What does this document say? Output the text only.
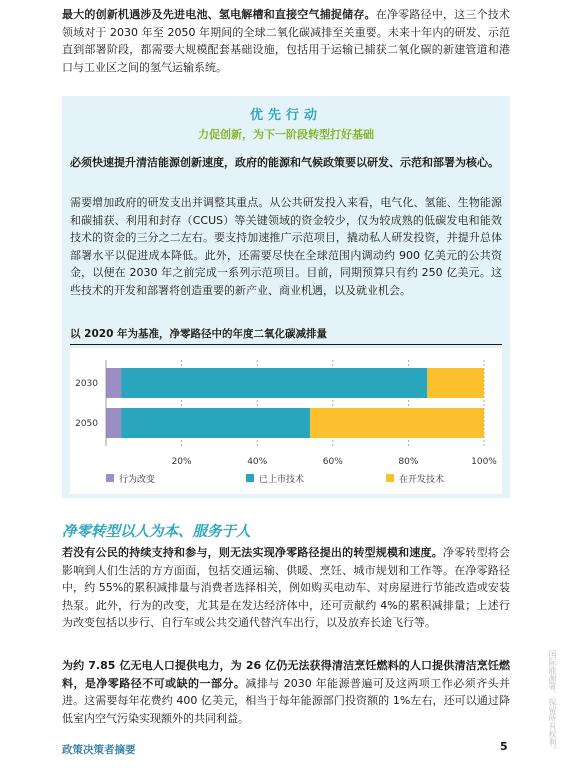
最大的创新机遇涉及先进电池、氢电解槽和直接空气捕捉储存。在净零路径中，这三个技术领域对于 2030 年至 2050 年期间的全球二氧化碳减排至关重要。未来十年内的研发、示范直到部署阶段，都需要大规模配套基础设施，包括用于运输已捕获二氧化碳的新建管道和港口与工业区之间的氢气运输系统。
优先行动
力促创新，为下一阶段转型打好基础
必须快速提升清洁能源创新速度，政府的能源和气候政策要以研发、示范和部署为核心。
需要增加政府的研发支出并调整其重点。从公共研发投入来看，电气化、氢能、生物能源和碳捕获、利用和封存（CCUS）等关键领域的资金较少，仅为较成熟的低碳发电和能效技术的资金的三分之二左右。要支持加速推广示范项目，撬动私人研发投资，并提升总体部署水平以促进成本降低。此外，还需要尽快在全球范围内调动约 900 亿美元的公共资金，以便在 2030 年之前完成一系列示范项目。目前，同期预算只有约 250 亿美元。这些技术的开发和部署将创造重要的新产业、商业机遇，以及就业机会。
以 2020 年为基准，净零路径中的年度二氧化碳减排量
20%	40%	60%	80%	100%
2030
2050
行为改变	已上市技术	在开发技术
净零转型以人为本、服务于人
若没有公民的持续支持和参与，则无法实现净零路径提出的转型规模和速度。净零转型将会影响到人们生活的方方面面，包括交通运输、供暖、烹饪、城市规划和工作等。在净零路径中，约 55%的累积减排量与消费者选择相关，例如购买电动车、对房屋进行节能改造或安装热泵。此外，行为的改变，尤其是在发达经济体中，还可贡献约 4%的累积减排量；上述行为改变包括以步行、自行车或公共交通代替汽车出行，以及放弃长途飞行等。
为约 7.85 亿无电人口提供电力，为 26 亿仍无法获得清洁烹饪燃料的人口提供清洁烹饪燃料，是净零路径不可或缺的一部分。减排与 2030 年能源普遍可及这两项工作必须齐头并进。这需要每年花费约 400 亿美元，相当于每年能源部门投资额的 1%左右，还可以通过降低室内空气污染实现额外的共同利益。
政策决策者摘要	5	国际能源署。保留所有权利。
